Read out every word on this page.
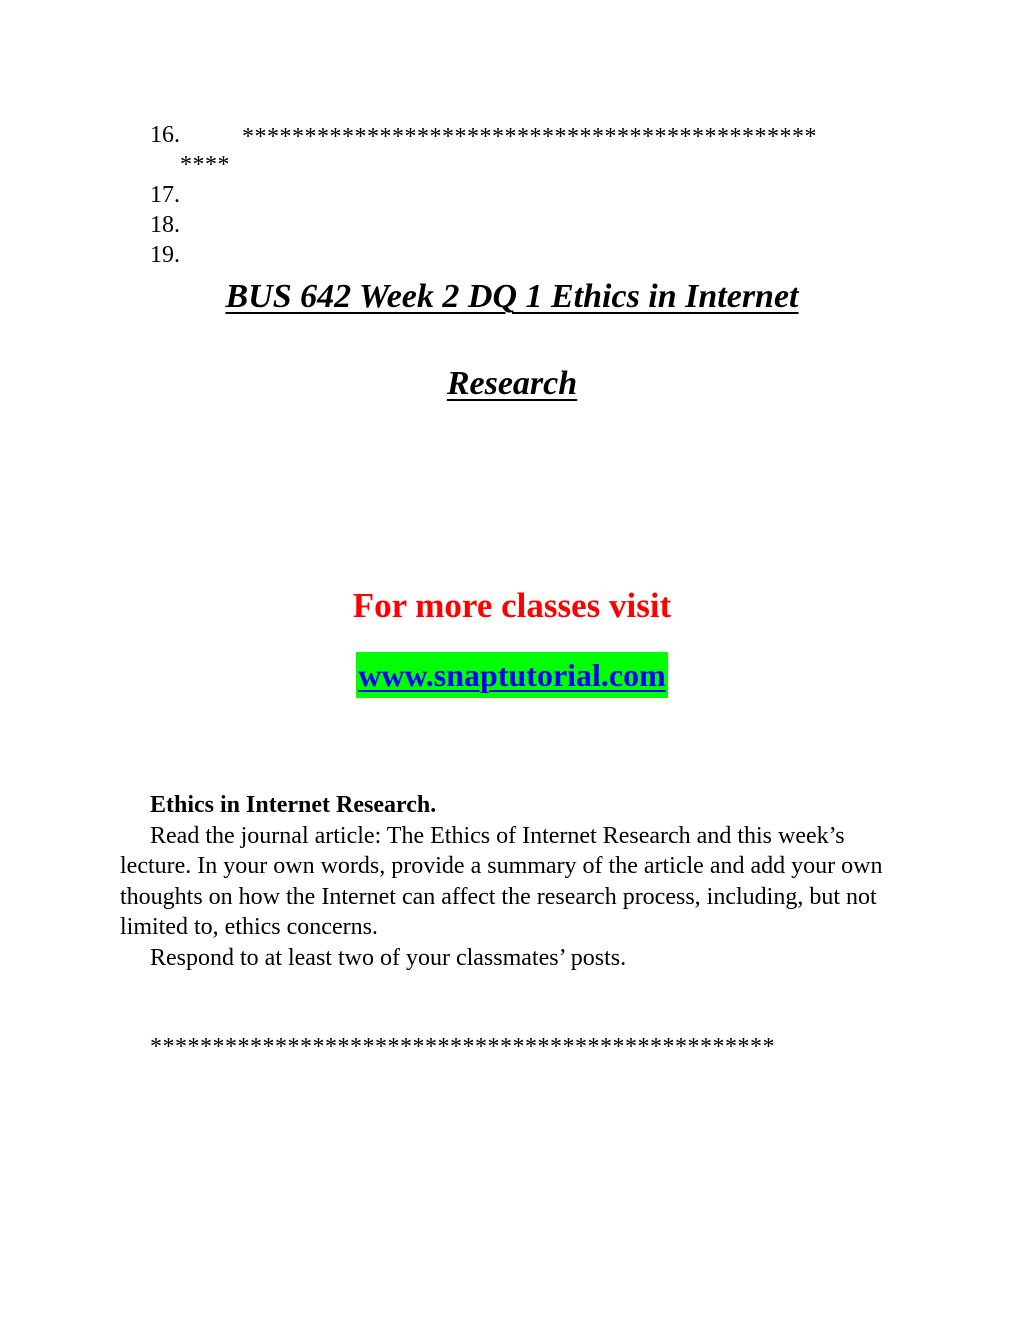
16.	**********************************************
****
17.
18.
19.
BUS 642 Week 2 DQ 1 Ethics in Internet
Research
For more classes visit
www.snaptutorial.com

Ethics in Internet Research.

Read the journal article: The Ethics of Internet Research and this week’s lecture. In your own words, provide a summary of the article and add your own thoughts on how the Internet can affect the research process, including, but not limited to, ethics concerns.

Respond to at least two of your classmates’ posts.

**************************************************
